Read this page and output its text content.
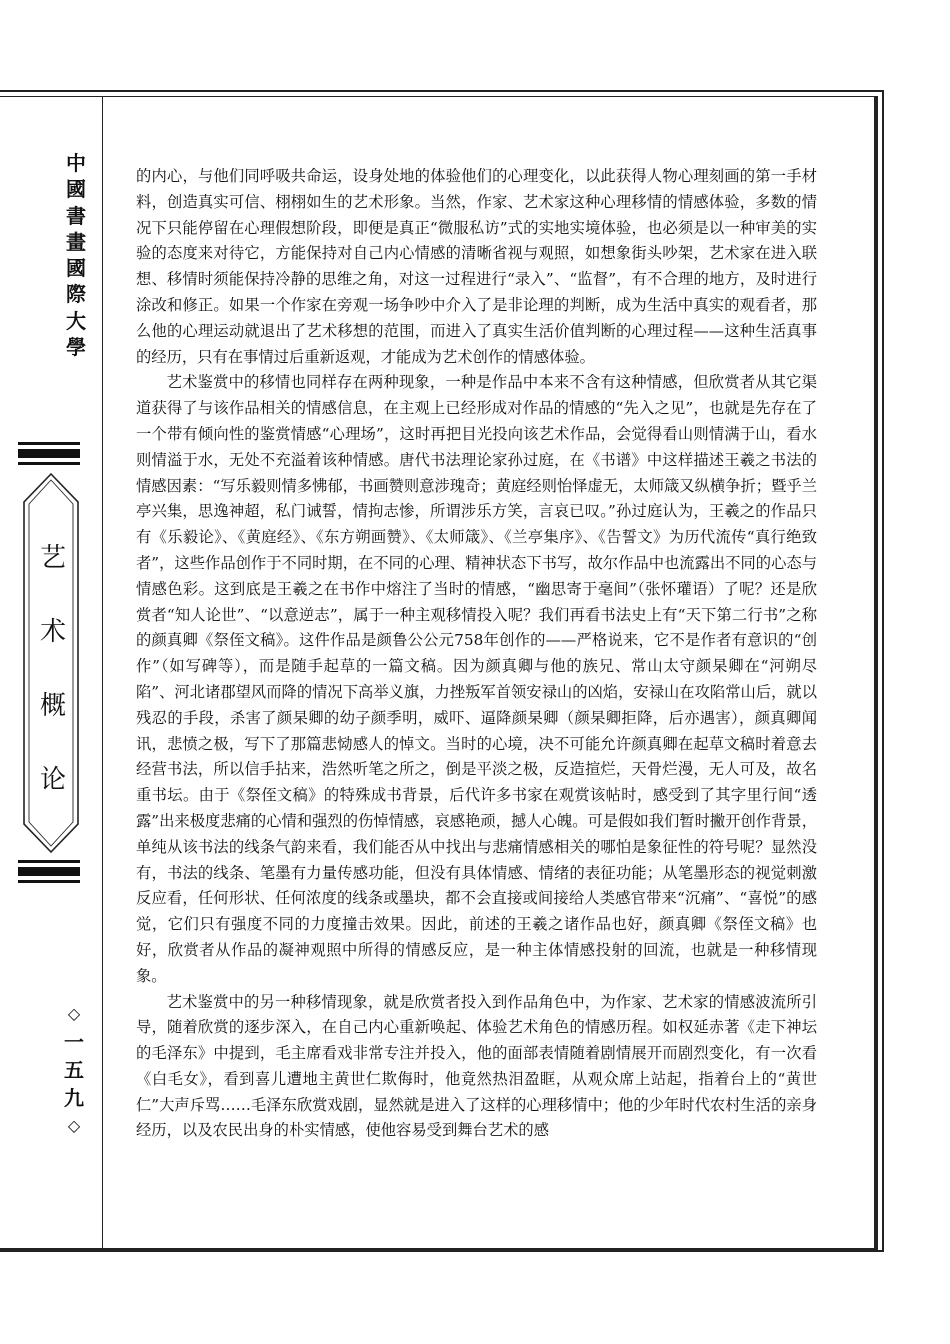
中
國
書
畫
國
際
大
學
艺
术
概
论
◇
一
五
九
◇

的内心，与他们同呼吸共命运，设身处地的体验他们的心理变化，以此获得人物心理刻画的第一手材料，创造真实可信、栩栩如生的艺术形象。当然，作家、艺术家这种心理移情的情感体验，多数的情况下只能停留在心理假想阶段，即便是真正“微服私访”式的实地实境体验，也必须是以一种审美的实验的态度来对待它，方能保持对自己内心情感的清晰省视与观照，如想象街头吵架，艺术家在进入联想、移情时须能保持冷静的思维之角，对这一过程进行“录入”、“监督”，有不合理的地方，及时进行涂改和修正。如果一个作家在旁观一场争吵中介入了是非论理的判断，成为生活中真实的观看者，那么他的心理运动就退出了艺术移想的范围，而进入了真实生活价值判断的心理过程——这种生活真事的经历，只有在事情过后重新返观，才能成为艺术创作的情感体验。

艺术鉴赏中的移情也同样存在两种现象，一种是作品中本来不含有这种情感，但欣赏者从其它渠道获得了与该作品相关的情感信息，在主观上已经形成对作品的情感的“先入之见”，也就是先存在了一个带有倾向性的鉴赏情感“心理场”，这时再把目光投向该艺术作品，会觉得看山则情满于山，看水则情溢于水，无处不充溢着该种情感。唐代书法理论家孙过庭，在《书谱》中这样描述王羲之书法的情感因素：“写乐毅则情多怫郁，书画赞则意涉瑰奇；黄庭经则怡怿虚无，太师箴又纵横争折；暨乎兰亭兴集，思逸神超，私门诫誓，情拘志惨，所谓涉乐方笑，言哀已叹。”孙过庭认为，王羲之的作品只有《乐毅论》、《黄庭经》、《东方朔画赞》、《太师箴》、《兰亭集序》、《告誓文》为历代流传“真行绝致者”，这些作品创作于不同时期，在不同的心理、精神状态下书写，故尔作品中也流露出不同的心态与情感色彩。这到底是王羲之在书作中熔注了当时的情感，“幽思寄于毫间”（张怀瓘语）了呢？还是欣赏者“知人论世”、“以意逆志”，属于一种主观移情投入呢？我们再看书法史上有“天下第二行书”之称的颜真卿《祭侄文稿》。这件作品是颜鲁公公元758年创作的——严格说来，它不是作者有意识的“创作”（如写碑等），而是随手起草的一篇文稿。因为颜真卿与他的族兄、常山太守颜杲卿在“河朔尽陷”、河北诸郡望风而降的情况下高举义旗，力挫叛军首领安禄山的凶焰，安禄山在攻陷常山后，就以残忍的手段，杀害了颜杲卿的幼子颜季明，威吓、逼降颜杲卿（颜杲卿拒降，后亦遇害），颜真卿闻讯，悲愤之极，写下了那篇悲恸感人的悼文。当时的心境，决不可能允许颜真卿在起草文稿时着意去经营书法，所以信手拈来，浩然听笔之所之，倒是平淡之极，反造揎烂，天骨烂漫，无人可及，故名重书坛。由于《祭侄文稿》的特殊成书背景，后代许多书家在观赏该帖时，感受到了其字里行间“透露”出来极度悲痛的心情和强烈的伤悼情感，哀感艳顽，撼人心魄。可是假如我们暂时撇开创作背景，单纯从该书法的线条气韵来看，我们能否从中找出与悲痛情感相关的哪怕是象征性的符号呢？显然没有，书法的线条、笔墨有力量传感功能，但没有具体情感、情绪的表征功能；从笔墨形态的视觉刺激反应看，任何形状、任何浓度的线条或墨块，都不会直接或间接给人类感官带来“沉痛”、“喜悦”的感觉，它们只有强度不同的力度撞击效果。因此，前述的王羲之诸作品也好，颜真卿《祭侄文稿》也好，欣赏者从作品的凝神观照中所得的情感反应，是一种主体情感投射的回流，也就是一种移情现象。

艺术鉴赏中的另一种移情现象，就是欣赏者投入到作品角色中，为作家、艺术家的情感波流所引导，随着欣赏的逐步深入，在自己内心重新唤起、体验艺术角色的情感历程。如权延赤著《走下神坛的毛泽东》中提到，毛主席看戏非常专注并投入，他的面部表情随着剧情展开而剧烈变化，有一次看《白毛女》，看到喜儿遭地主黄世仁欺侮时，他竟然热泪盈眶，从观众席上站起，指着台上的“黄世仁”大声斥骂……毛泽东欣赏戏剧，显然就是进入了这样的心理移情中；他的少年时代农村生活的亲身经历，以及农民出身的朴实情感，使他容易受到舞台艺术的感
